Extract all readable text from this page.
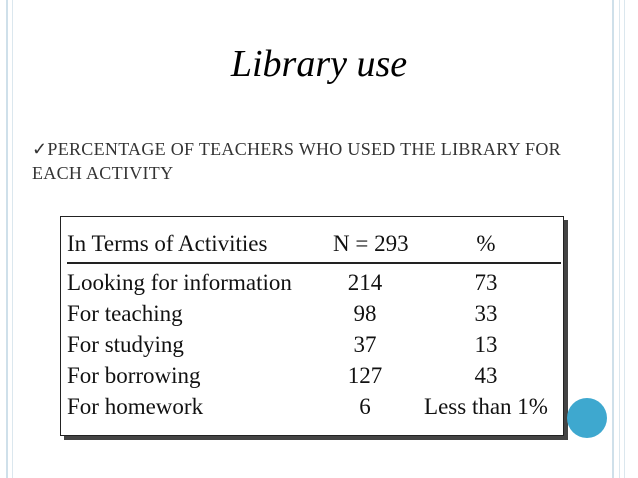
Library use
✓PERCENTAGE OF TEACHERS WHO USED THE LIBRARY FOR EACH ACTIVITY
In Terms of Activities	N = 293	%
Looking for information	214	73
For teaching	98	33
For studying	37	13
For borrowing	127	43
For homework	6	Less than 1%
